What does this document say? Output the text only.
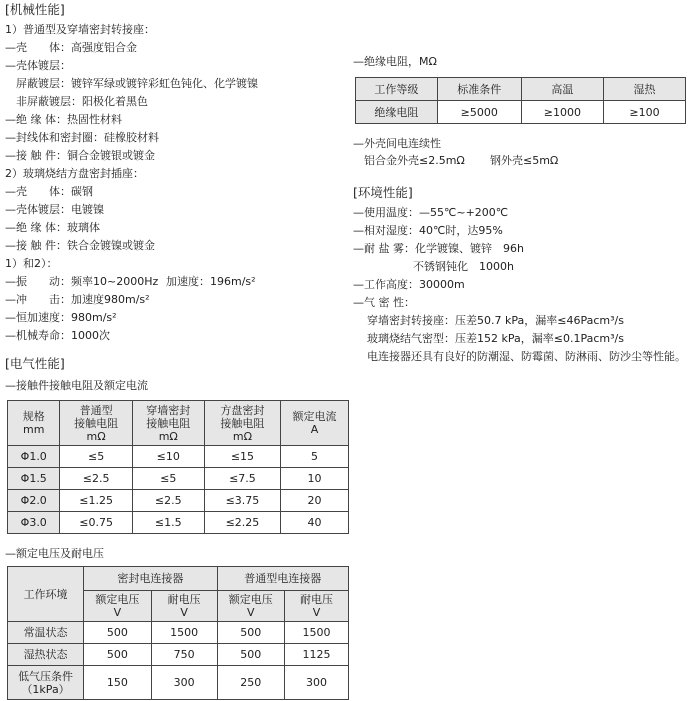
[机械性能]
1）普通型及穿墙密封转接座：
—壳　　体：高强度铝合金
—壳体镀层：
屏蔽镀层：镀锌军绿或镀锌彩虹色钝化、化学镀镍
非屏蔽镀层：阳极化着黑色
—绝 缘 体：热固性材料
—封线体和密封圈：硅橡胶材料
—接 触 件：铜合金镀银或镀金
2）玻璃烧结方盘密封插座：
—壳　　体：碳钢
—壳体镀层：电镀镍
—绝 缘 体：玻璃体
—接 触 件：铁合金镀镍或镀金
1）和2）：
—振　　动：频率10~2000Hz 加速度：196m/s²
—冲　　击：加速度980m/s²
—恒加速度：980m/s²
—机械寿命：1000次
[电气性能]
—接触件接触电阻及额定电流
规格
mm	普通型
接触电阻
mΩ	穿墙密封
接触电阻
mΩ	方盘密封
接触电阻
mΩ	额定电流
A
Φ1.0	≤5	≤10	≤15	5
Φ1.5	≤2.5	≤5	≤7.5	10
Φ2.0	≤1.25	≤2.5	≤3.75	20
Φ3.0	≤0.75	≤1.5	≤2.25	40
—额定电压及耐电压
工作环境	密封电连接器		普通型电连接器	
	额定电压
V	耐电压
V	额定电压
V	耐电压
V
常温状态	500	1500	500	1500
湿热状态	500	750	500	1125
低气压条件
（1kPa）	150	300	250	300
—绝缘电阻，MΩ
工作等级	标准条件	高温	湿热
绝缘电阻	≥5000	≥1000	≥100
—外壳间电连续性
铝合金外壳≤2.5mΩ 钢外壳≤5mΩ
[环境性能]
—使用温度：—55℃~+200℃
—相对湿度：40℃时，达95%
—耐 盐 雾：化学镀镍、镀锌　96h
不锈钢钝化　1000h
—工作高度：30000m
—气 密 性：
穿墙密封转接座：压差50.7 kPa，漏率≤46Pacm³/s
玻璃烧结气密型：压差152 kPa，漏率≤0.1Pacm³/s
电连接器还具有良好的防潮湿、防霉菌、防淋雨、防沙尘等性能。
